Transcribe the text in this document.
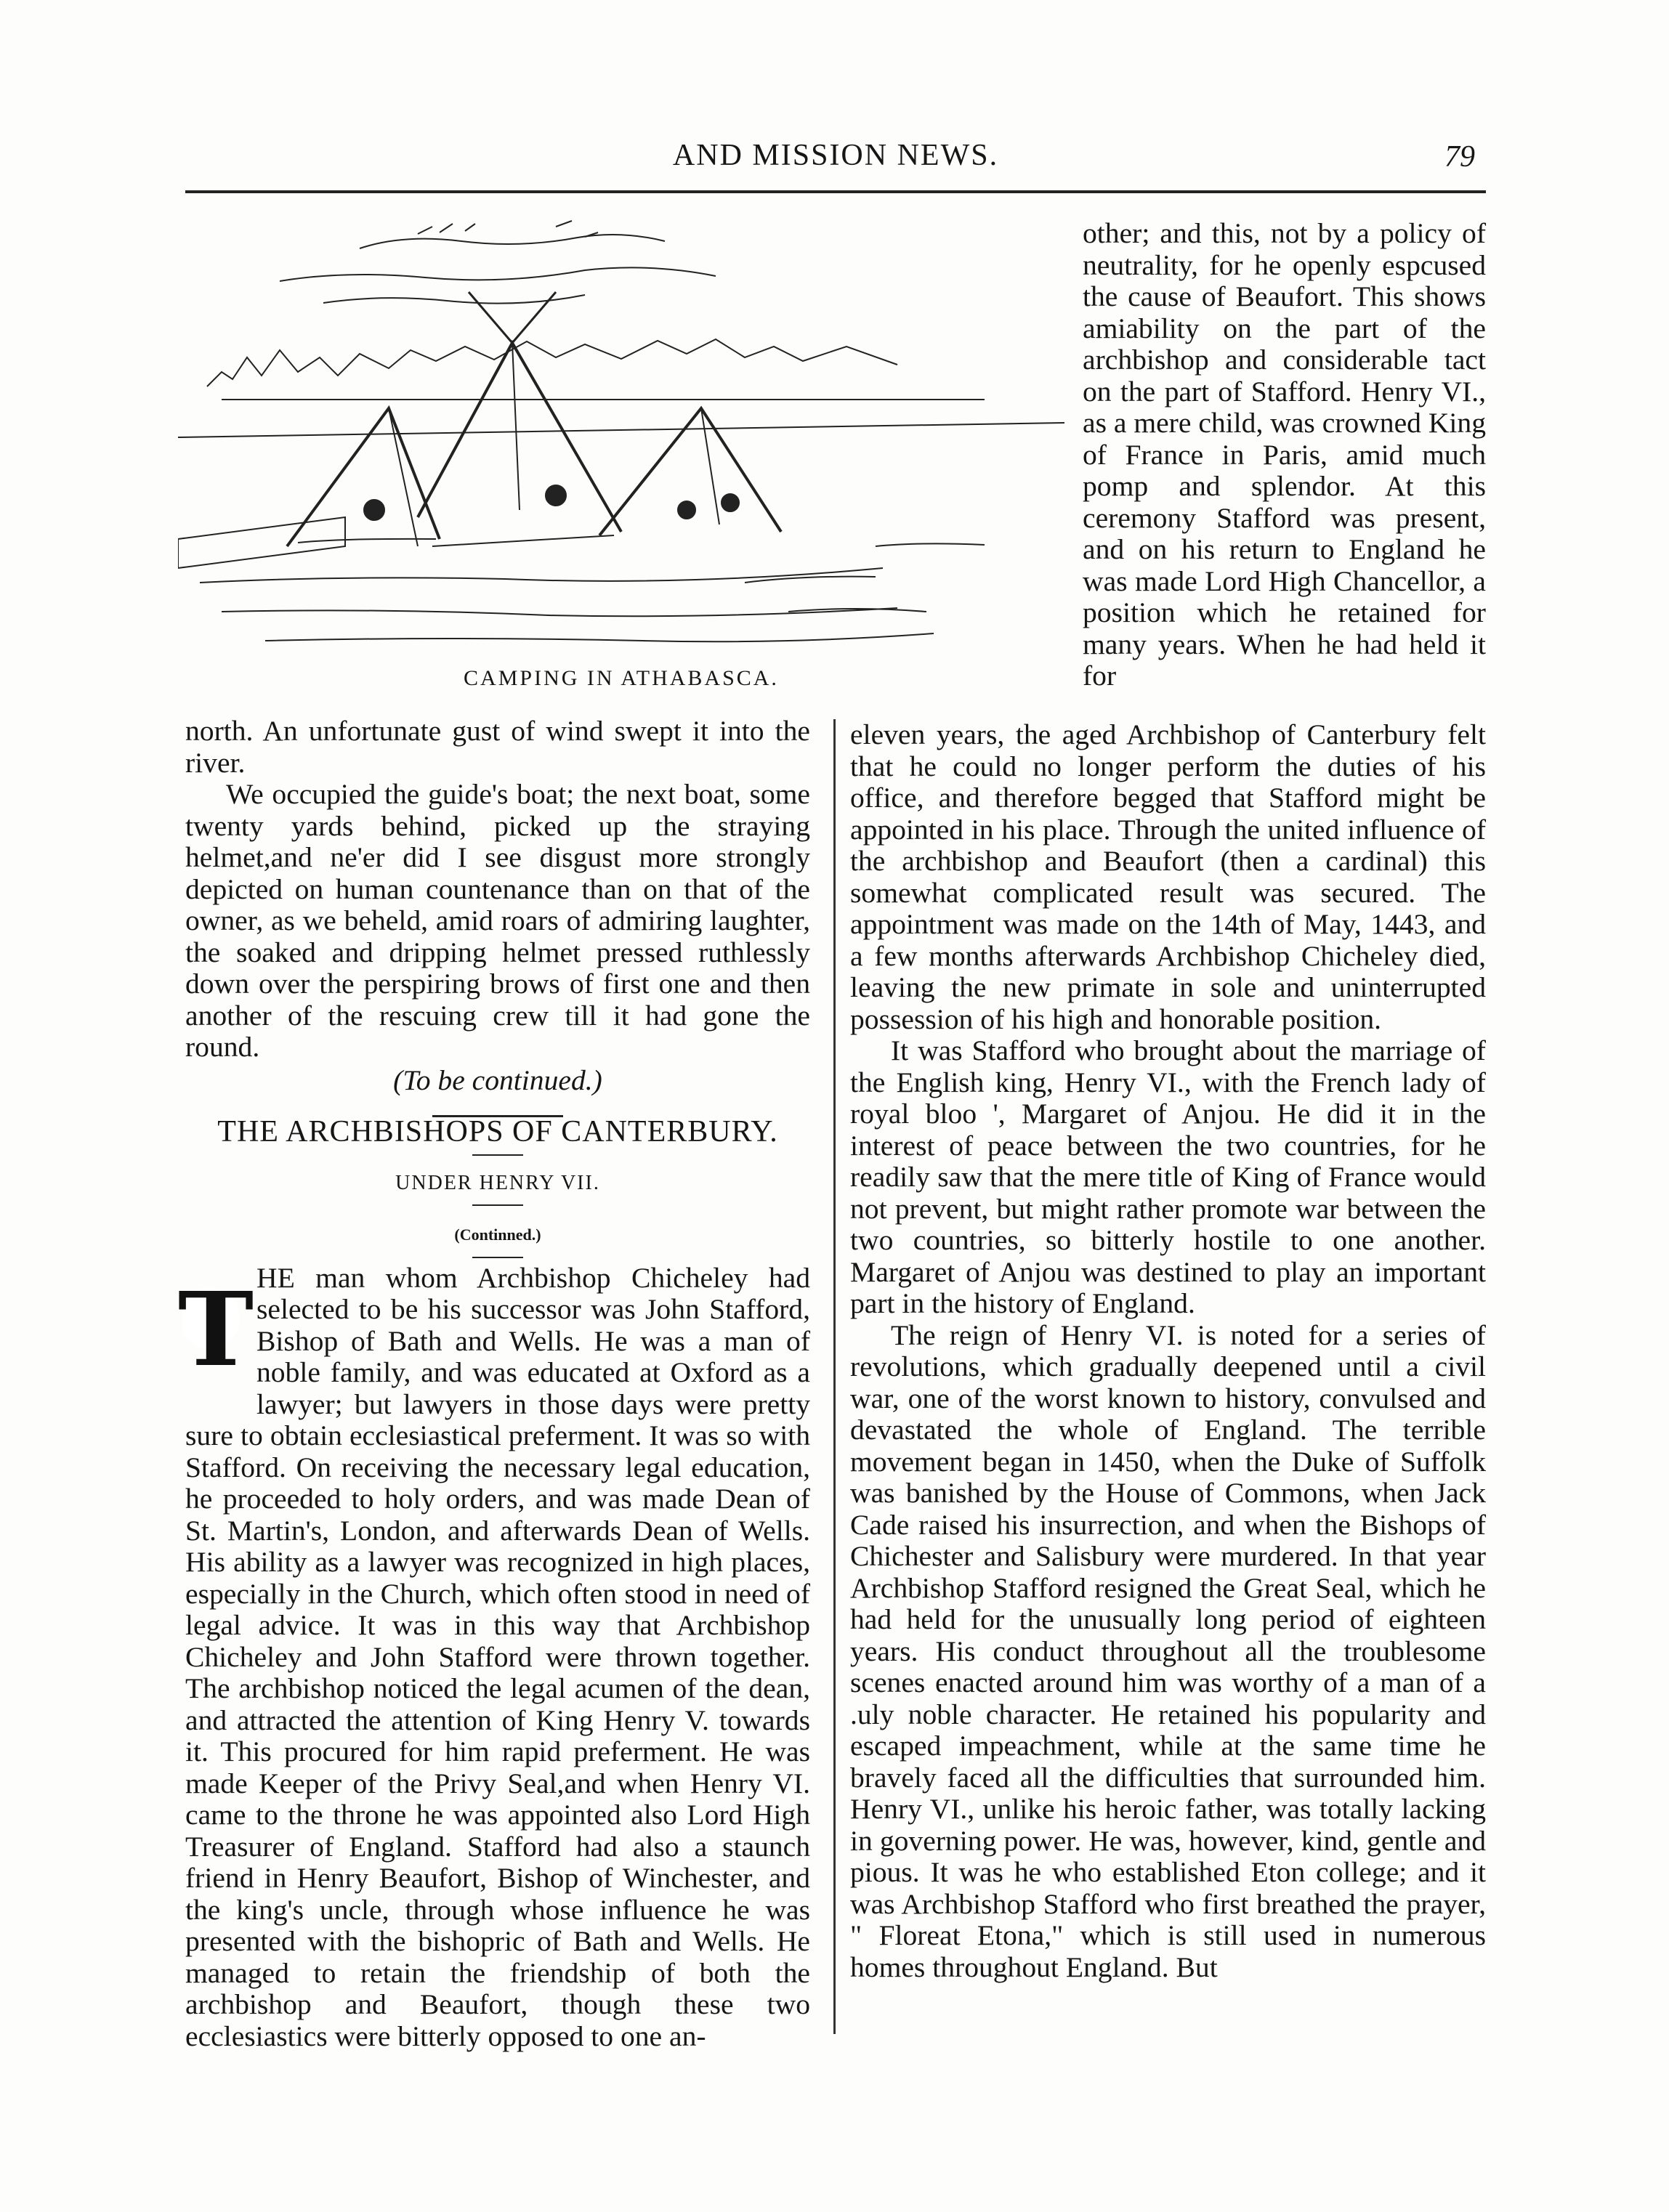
AND MISSION NEWS.	79
CAMPING IN ATHABASCA.

other; and this, not by a policy of neutrality, for he openly espcused the cause of Beaufort. This shows amiability on the part of the archbishop and considerable tact on the part of Stafford. Henry VI., as a mere child, was crowned King of France in Paris, amid much pomp and splendor. At this ceremony Stafford was present, and on his return to England he was made Lord High Chancellor, a position which he retained for many years. When he had held it for

north. An unfortunate gust of wind swept it into the river.

We occupied the guide's boat; the next boat, some twenty yards behind, picked up the straying helmet,and ne'er did I see disgust more strongly depicted on human countenance than on that of the owner, as we beheld, amid roars of admiring laughter, the soaked and dripping helmet pressed ruthlessly down over the perspiring brows of first one and then another of the rescuing crew till it had gone the round.

(To be continued.)

THE ARCHBISHOPS OF CANTERBURY.

UNDER HENRY VII.

(Continned.)

T HE man whom Archbishop Chicheley had selected to be his successor was John Stafford, Bishop of Bath and Wells. He was a man of noble family, and was educated at Oxford as a lawyer; but lawyers in those days were pretty sure to obtain ecclesiastical preferment. It was so with Stafford. On receiving the necessary legal education, he proceeded to holy orders, and was made Dean of St. Martin's, London, and afterwards Dean of Wells. His ability as a lawyer was recognized in high places, especially in the Church, which often stood in need of legal advice. It was in this way that Archbishop Chicheley and John Stafford were thrown together. The archbishop noticed the legal acumen of the dean, and attracted the attention of King Henry V. towards it. This procured for him rapid preferment. He was made Keeper of the Privy Seal,and when Henry VI. came to the throne he was appointed also Lord High Treasurer of England. Stafford had also a staunch friend in Henry Beaufort, Bishop of Winchester, and the king's uncle, through whose influence he was presented with the bishopric of Bath and Wells. He managed to retain the friendship of both the archbishop and Beaufort, though these two ecclesiastics were bitterly opposed to one an-

eleven years, the aged Archbishop of Canterbury felt that he could no longer perform the duties of his office, and therefore begged that Stafford might be appointed in his place. Through the united influence of the archbishop and Beaufort (then a cardinal) this somewhat complicated result was secured. The appointment was made on the 14th of May, 1443, and a few months afterwards Archbishop Chicheley died, leaving the new primate in sole and uninterrupted possession of his high and honorable position.

It was Stafford who brought about the marriage of the English king, Henry VI., with the French lady of royal bloo ', Margaret of Anjou. He did it in the interest of peace between the two countries, for he readily saw that the mere title of King of France would not prevent, but might rather promote war between the two countries, so bitterly hostile to one another. Margaret of Anjou was destined to play an important part in the history of England.

The reign of Henry VI. is noted for a series of revolutions, which gradually deepened until a civil war, one of the worst known to history, convulsed and devastated the whole of England. The terrible movement began in 1450, when the Duke of Suffolk was banished by the House of Commons, when Jack Cade raised his insurrection, and when the Bishops of Chichester and Salisbury were murdered. In that year Archbishop Stafford resigned the Great Seal, which he had held for the unusually long period of eighteen years. His conduct throughout all the troublesome scenes enacted around him was worthy of a man of a .uly noble character. He retained his popularity and escaped impeachment, while at the same time he bravely faced all the difficulties that surrounded him. Henry VI., unlike his heroic father, was totally lacking in governing power. He was, however, kind, gentle and pious. It was he who established Eton college; and it was Archbishop Stafford who first breathed the prayer, " Floreat Etona," which is still used in numerous homes throughout England. But
